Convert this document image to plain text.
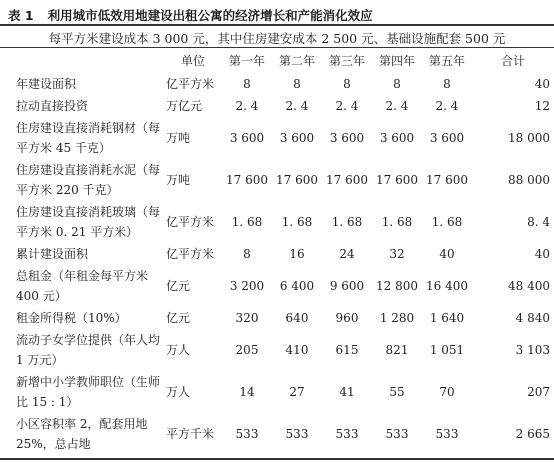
表 1 利用城市低效用地建设出租公寓的经济增长和产能消化效应
每平方米建设成本 3 000 元，其中住房建安成本 2 500 元、基础设施配套 500 元
	单位	第一年	第二年	第三年	第四年	第五年	合计
年建设面积	亿平方米	8	8	8	8	8	40
拉动直接投资	万亿元	2. 4	2. 4	2. 4	2. 4	2. 4	12
住房建设直接消耗钢材（每平方米 45 千克）	万吨	3 600	3 600	3 600	3 600	3 600	18 000
住房建设直接消耗水泥（每平方米 220 千克）	万吨	17 600	17 600	17 600	17 600	17 600	88 000
住房建设直接消耗玻璃（每平方米 0. 21 平方米）	亿平方米	1. 68	1. 68	1. 68	1. 68	1. 68	8. 4
累计建设面积	亿平方米	8	16	24	32	40	40
总租金（年租金每平方米 400 元）	亿元	3 200	6 400	9 600	12 800	16 400	48 400
租金所得税（10%）	亿元	320	640	960	1 280	1 640	4 840
流动子女学位提供（年人均 1 万元）	万人	205	410	615	821	1 051	3 103
新增中小学教师职位（生师比 15 : 1）	万人	14	27	41	55	70	207
小区容积率 2，配套用地 25%，总占地	平方千米	533	533	533	533	533	2 665
